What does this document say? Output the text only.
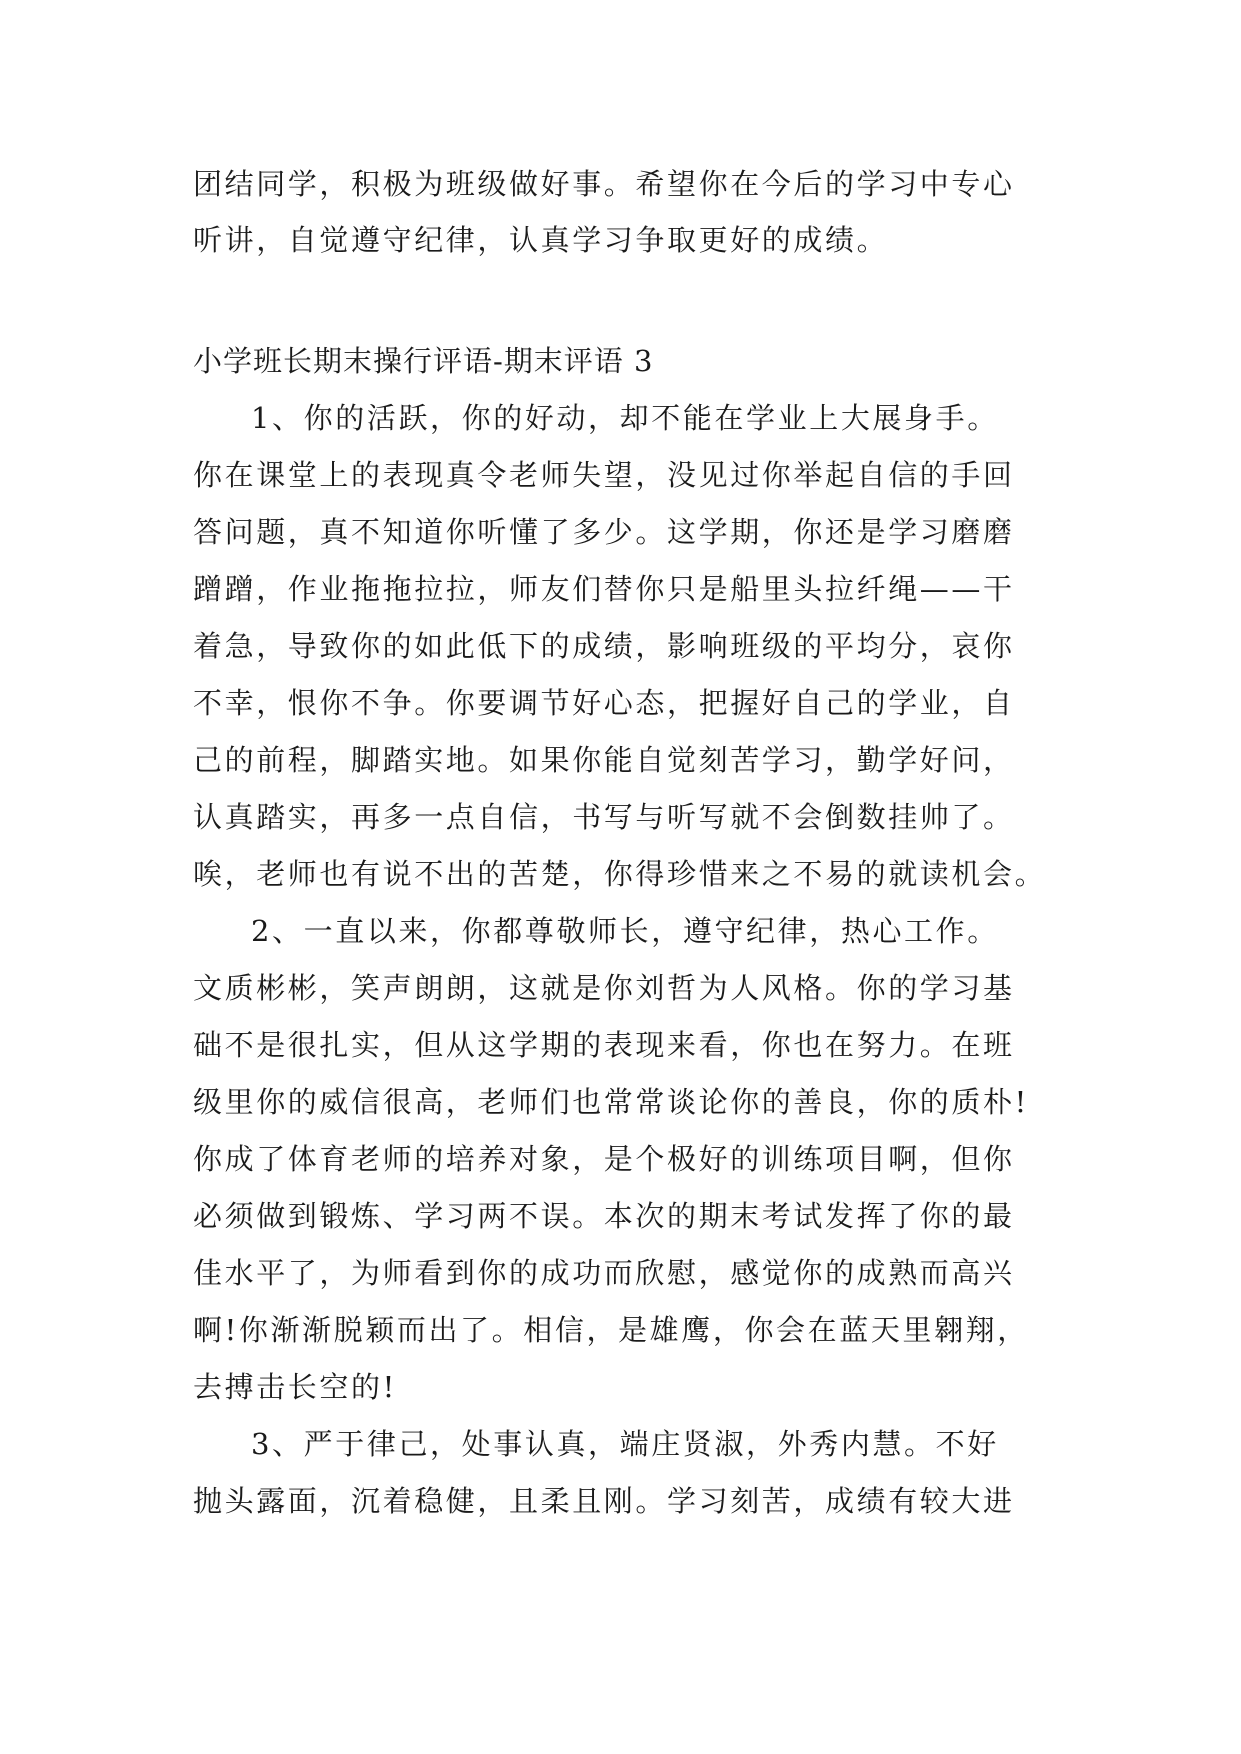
团结同学，积极为班级做好事。希望你在今后的学习中专心

听讲，自觉遵守纪律，认真学习争取更好的成绩。

小学班长期末操行评语-期末评语 3

1、你的活跃，你的好动，却不能在学业上大展身手。

你在课堂上的表现真令老师失望，没见过你举起自信的手回

答问题，真不知道你听懂了多少。这学期，你还是学习磨磨

蹭蹭，作业拖拖拉拉，师友们替你只是船里头拉纤绳——干

着急，导致你的如此低下的成绩，影响班级的平均分，哀你

不幸，恨你不争。你要调节好心态，把握好自己的学业，自

己的前程，脚踏实地。如果你能自觉刻苦学习，勤学好问，

认真踏实，再多一点自信，书写与听写就不会倒数挂帅了。

唉，老师也有说不出的苦楚，你得珍惜来之不易的就读机会。

2、一直以来，你都尊敬师长，遵守纪律，热心工作。

文质彬彬，笑声朗朗，这就是你刘哲为人风格。你的学习基

础不是很扎实，但从这学期的表现来看，你也在努力。在班

级里你的威信很高，老师们也常常谈论你的善良，你的质朴!

你成了体育老师的培养对象，是个极好的训练项目啊，但你

必须做到锻炼、学习两不误。本次的期末考试发挥了你的最

佳水平了，为师看到你的成功而欣慰，感觉你的成熟而高兴

啊!你渐渐脱颖而出了。相信，是雄鹰，你会在蓝天里翱翔，

去搏击长空的!

3、严于律己，处事认真，端庄贤淑，外秀内慧。不好

抛头露面，沉着稳健，且柔且刚。学习刻苦，成绩有较大进
